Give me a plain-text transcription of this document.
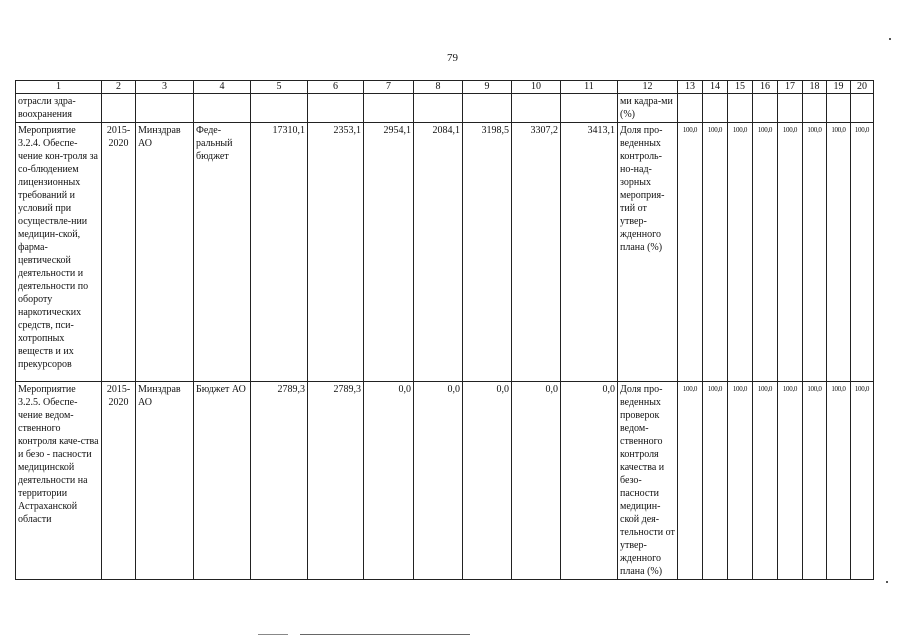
79
1	2	3	4	5	6	7	8	9	10	11	12	13	14	15	16	17	18	19	20
отрасли здра-воохранения											ми кадра-ми (%)								
Мероприятие 3.2.4. Обеспе-чение кон-троля за со-блюдением лицензионных требований и условий при осуществле-нии медицин-ской, фарма-цевтической деятельности и деятельности по обороту наркотических средств, пси-хотропных веществ и их прекурсоров	2015-2020	Минздрав АО	Феде-ральный бюджет	17310,1	2353,1	2954,1	2084,1	3198,5	3307,2	3413,1	Доля про-веденных контроль-но-над-зорных мероприя-тий от утвер-жденного плана (%)	100,0	100,0	100,0	100,0	100,0	100,0	100,0	100,0
Мероприятие 3.2.5. Обеспе-чение ведом-ственного контроля каче-ства и безо - пасности медицинской деятельности на территории Астраханской области	2015-2020	Минздрав АО	Бюджет АО	2789,3	2789,3	0,0	0,0	0,0	0,0	0,0	Доля про-веденных проверок ведом-ственного контроля качества и безо-пасности медицин-ской дея-тельности от утвер-жденного плана (%)	100,0	100,0	100,0	100,0	100,0	100,0	100,0	100,0
